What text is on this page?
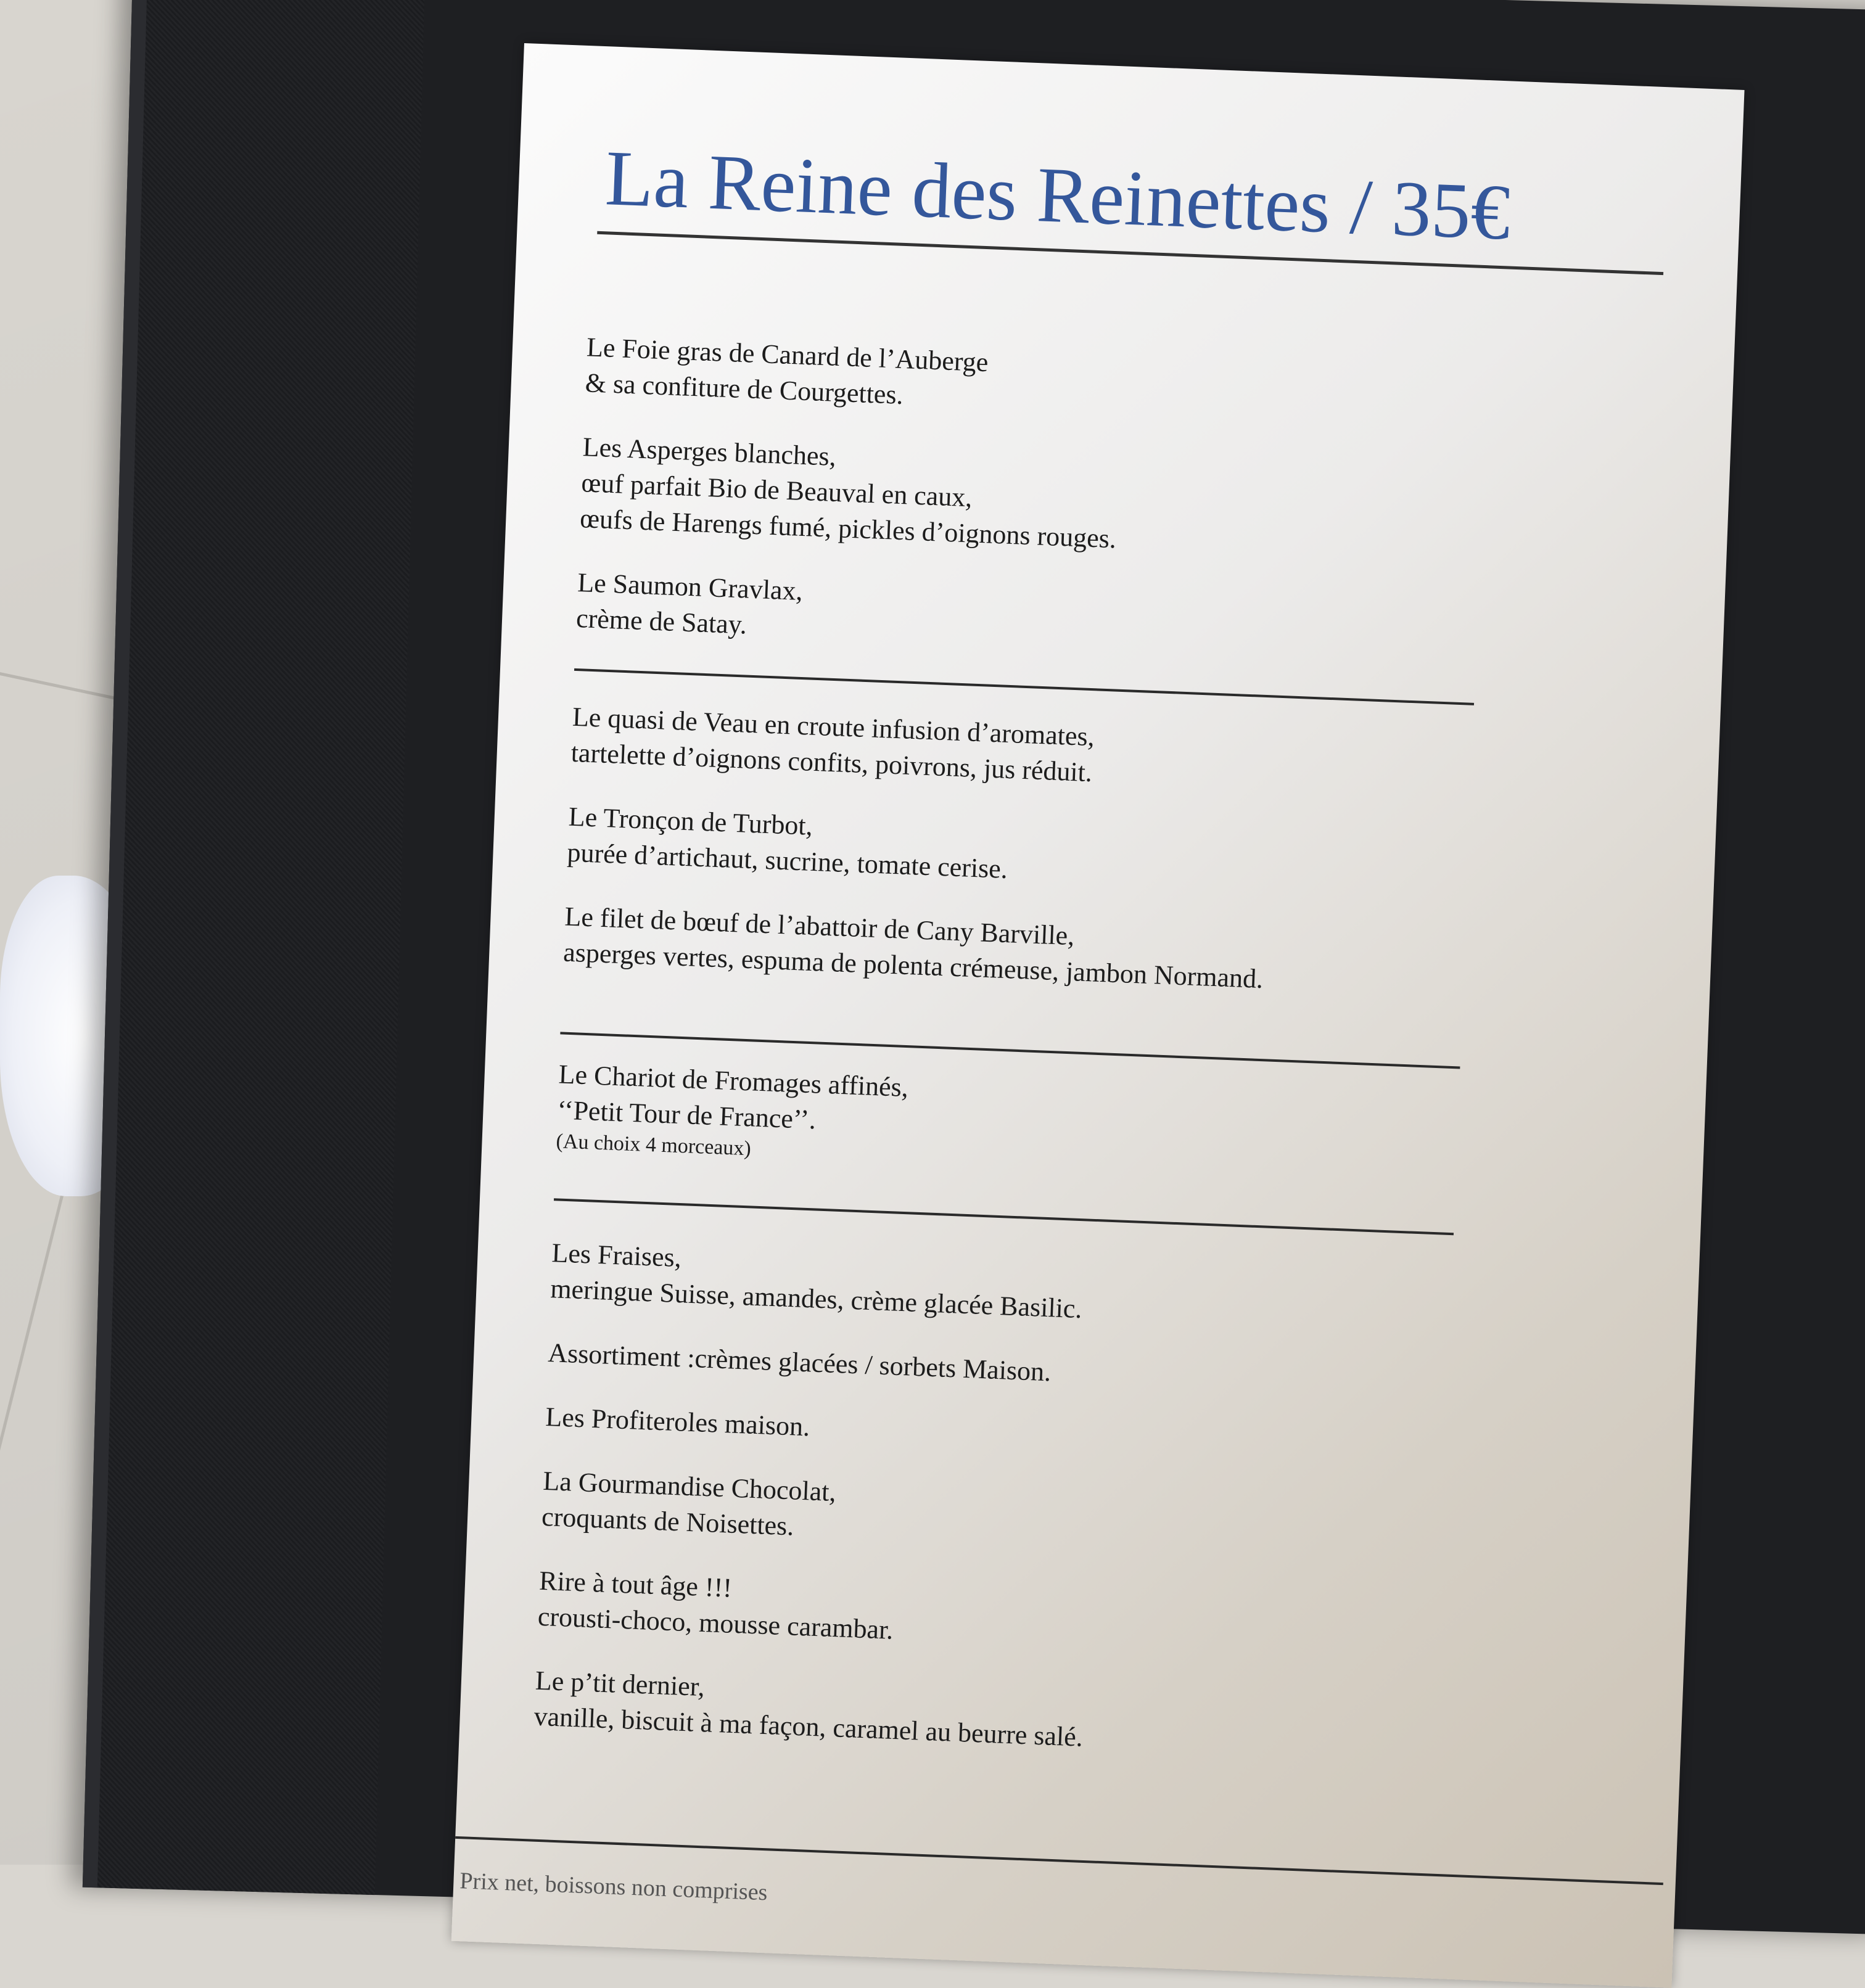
La Reine des Reinettes / 35€

Le Foie gras de Canard de l’Auberge

& sa confiture de Courgettes.

Les Asperges blanches,

œuf parfait Bio de Beauval en caux,

œufs de Harengs fumé, pickles d’oignons rouges.

Le Saumon Gravlax,

crème de Satay.

Le quasi de Veau en croute infusion d’aromates,

tartelette d’oignons confits, poivrons, jus réduit.

Le Tronçon de Turbot,

purée d’artichaut, sucrine, tomate cerise.

Le filet de bœuf de l’abattoir de Cany Barville,

asperges vertes, espuma de polenta crémeuse, jambon Normand.

Le Chariot de Fromages affinés,

‘‘Petit Tour de France’’.

(Au choix 4 morceaux)

Les Fraises,

meringue Suisse, amandes, crème glacée Basilic.

Assortiment :crèmes glacées / sorbets Maison.

Les Profiteroles maison.

La Gourmandise Chocolat,

croquants de Noisettes.

Rire à tout âge !!!

crousti-choco, mousse carambar.

Le p’tit dernier,

vanille, biscuit à ma façon, caramel au beurre salé.

Prix net, boissons non comprises
